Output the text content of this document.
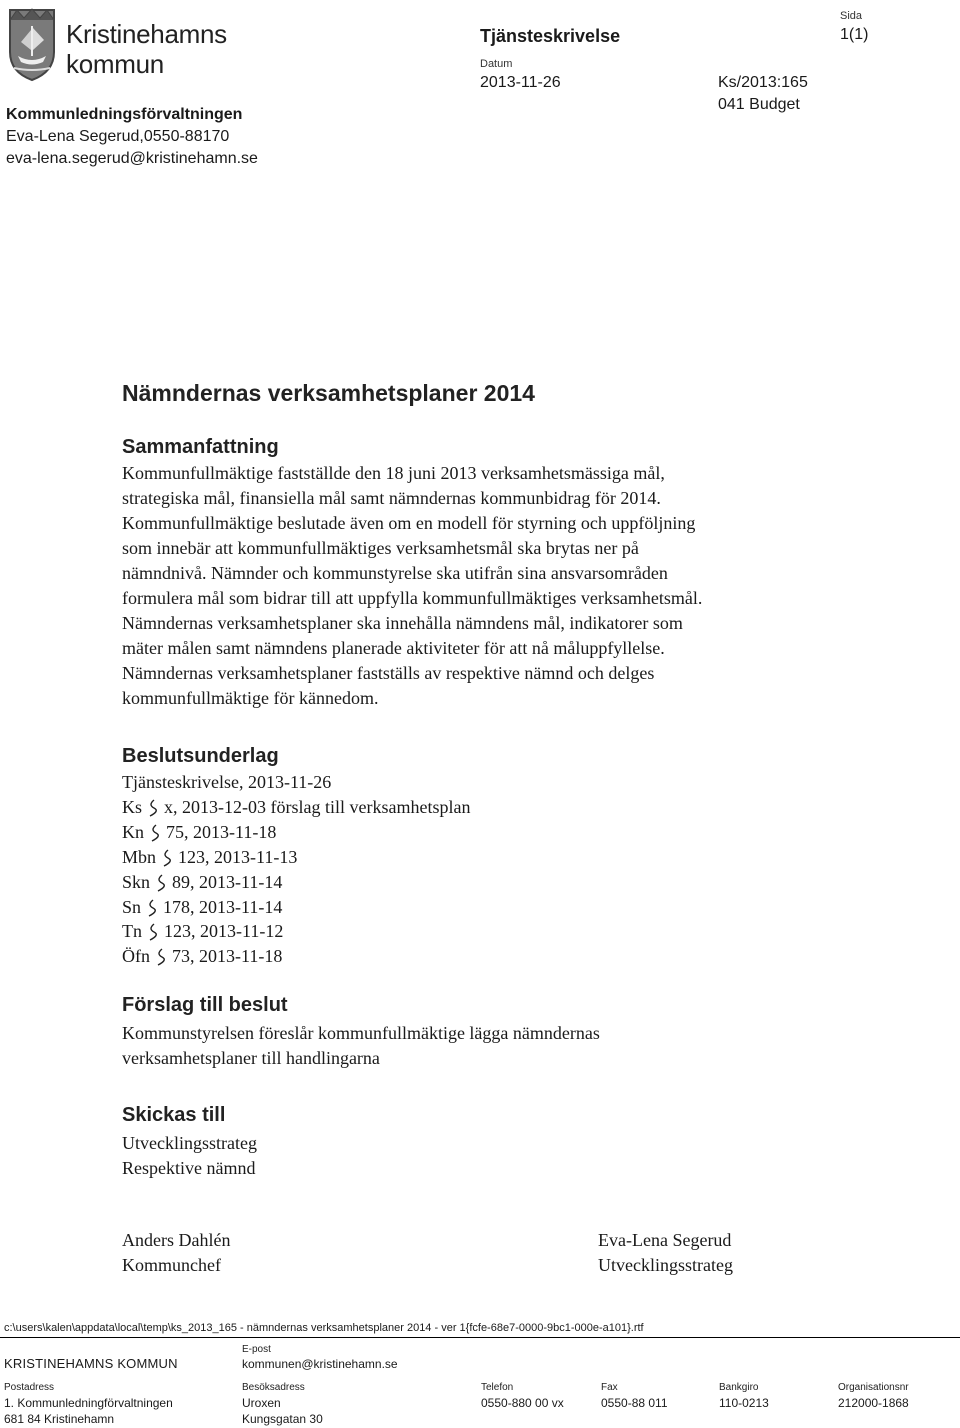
Kristinehamns
kommun
Kommunledningsförvaltningen
Eva-Lena Segerud,0550-88170
eva-lena.segerud@kristinehamn.se
Tjänsteskrivelse
Datum
2013-11-26	Ks/2013:165
041 Budget
Sida
1(1)
Nämndernas verksamhetsplaner 2014
Sammanfattning
Kommunfullmäktige fastställde den 18 juni 2013 verksamhetsmässiga mål,
strategiska mål, finansiella mål samt nämndernas kommunbidrag för 2014.
Kommunfullmäktige beslutade även om en modell för styrning och uppföljning
som innebär att kommunfullmäktiges verksamhetsmål ska brytas ner på
nämndnivå. Nämnder och kommunstyrelse ska utifrån sina ansvarsområden
formulera mål som bidrar till att uppfylla kommunfullmäktiges verksamhetsmål.
Nämndernas verksamhetsplaner ska innehålla nämndens mål, indikatorer som
mäter målen samt nämndens planerade aktiviteter för att nå måluppfyllelse.
Nämndernas verksamhetsplaner fastställs av respektive nämnd och delges
kommunfullmäktige för kännedom.
Beslutsunderlag
Tjänsteskrivelse, 2013-11-26
Ks x, 2013-12-03 förslag till verksamhetsplan
Kn 75, 2013-11-18
Mbn 123, 2013-11-13
Skn 89, 2013-11-14
Sn 178, 2013-11-14
Tn 123, 2013-11-12
Öfn 73, 2013-11-18
Förslag till beslut
Kommunstyrelsen föreslår kommunfullmäktige lägga nämndernas
verksamhetsplaner till handlingarna
Skickas till
Utvecklingsstrateg
Respektive nämnd
Anders Dahlén
Kommunchef
Eva-Lena Segerud
Utvecklingsstrateg
c:\users\kalen\appdata\local\temp\ks_2013_165 - nämndernas verksamhetsplaner 2014 - ver 1{fcfe-68e7-0000-9bc1-000e-a101}.rtf
E-post
KRISTINEHAMNS KOMMUN	kommunen@kristinehamn.se
Postadress	Besöksadress	Telefon	Fax	Bankgiro	Organisationsnr
1. Kommunledningförvaltningen	Uroxen	0550-880 00 vx	0550-88 011	110-0213	212000-1868
681 84 Kristinehamn	Kungsgatan 30
